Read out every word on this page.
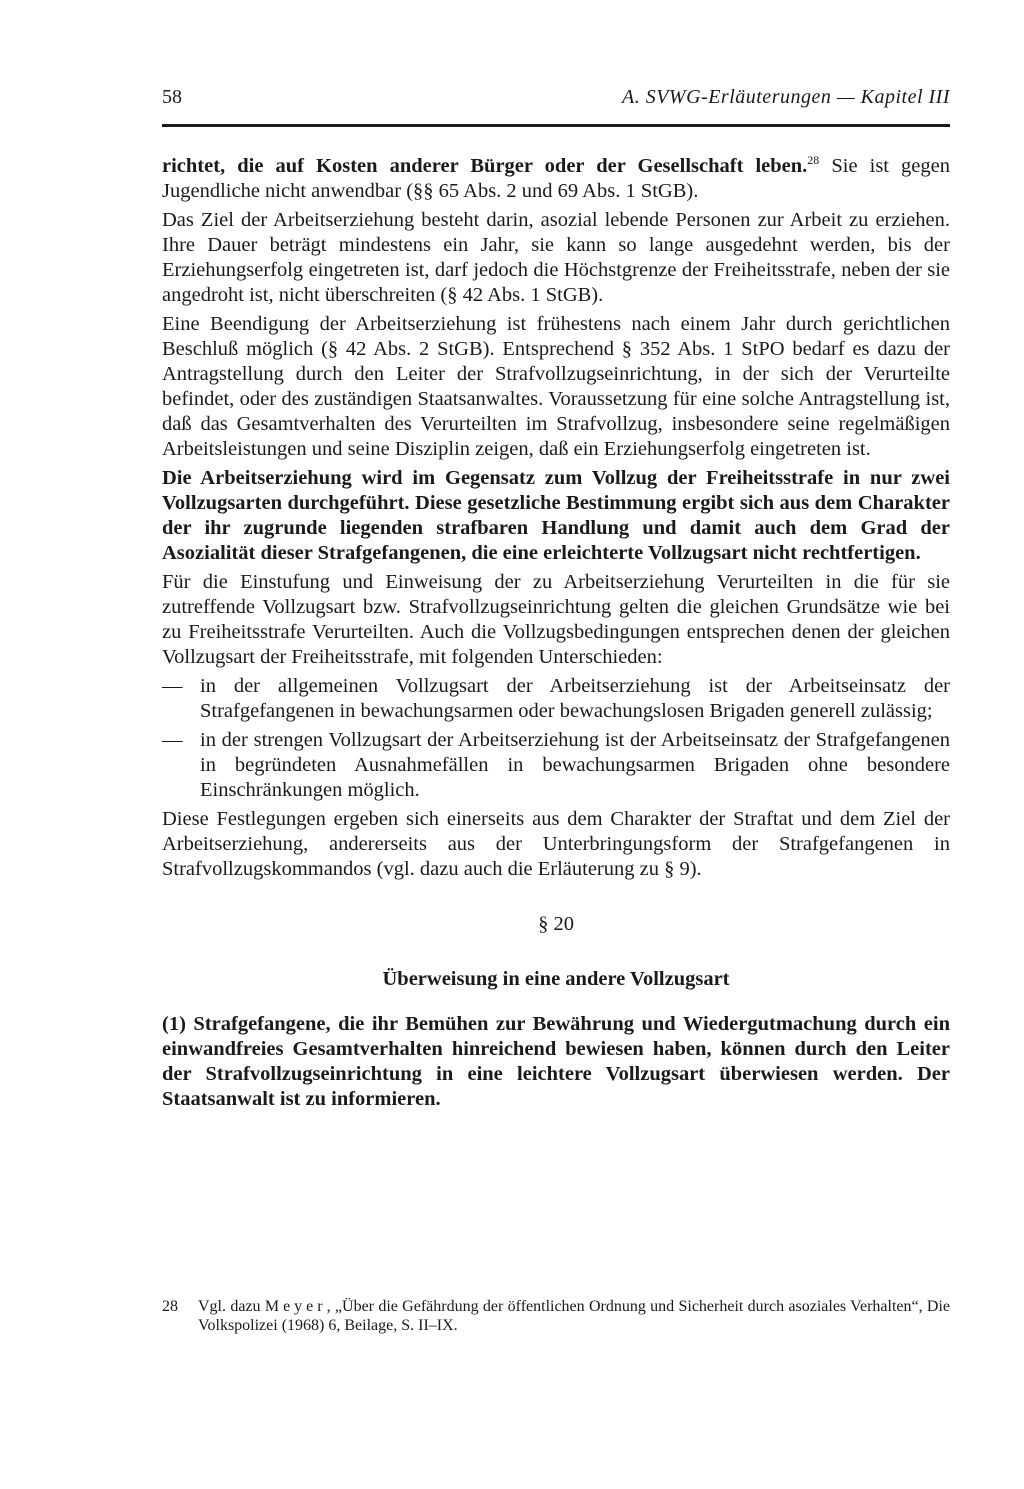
58	A. SVWG-Erläuterungen — Kapitel III

richtet, die auf Kosten anderer Bürger oder der Gesellschaft leben.$^{28}$ Sie ist gegen Jugendliche nicht anwendbar (§§ 65 Abs. 2 und 69 Abs. 1 StGB).

Das Ziel der Arbeitserziehung besteht darin, asozial lebende Personen zur Arbeit zu erziehen. Ihre Dauer beträgt mindestens ein Jahr, sie kann so lange ausgedehnt werden, bis der Erziehungserfolg eingetreten ist, darf jedoch die Höchstgrenze der Freiheitsstrafe, neben der sie angedroht ist, nicht überschreiten (§ 42 Abs. 1 StGB).

Eine Beendigung der Arbeitserziehung ist frühestens nach einem Jahr durch gerichtlichen Beschluß möglich (§ 42 Abs. 2 StGB). Entsprechend § 352 Abs. 1 StPO bedarf es dazu der Antragstellung durch den Leiter der Strafvollzugseinrichtung, in der sich der Verurteilte befindet, oder des zuständigen Staatsanwaltes. Voraussetzung für eine solche Antragstellung ist, daß das Gesamtverhalten des Verurteilten im Strafvollzug, insbesondere seine regelmäßigen Arbeitsleistungen und seine Disziplin zeigen, daß ein Erziehungserfolg eingetreten ist.

Die Arbeitserziehung wird im Gegensatz zum Vollzug der Freiheitsstrafe in nur zwei Vollzugsarten durchgeführt. Diese gesetzliche Bestimmung ergibt sich aus dem Charakter der ihr zugrunde liegenden strafbaren Handlung und damit auch dem Grad der Asozialität dieser Strafgefangenen, die eine erleichterte Vollzugsart nicht rechtfertigen.

Für die Einstufung und Einweisung der zu Arbeitserziehung Verurteilten in die für sie zutreffende Vollzugsart bzw. Strafvollzugseinrichtung gelten die gleichen Grundsätze wie bei zu Freiheitsstrafe Verurteilten. Auch die Vollzugsbedingungen entsprechen denen der gleichen Vollzugsart der Freiheitsstrafe, mit folgenden Unterschieden:

— in der allgemeinen Vollzugsart der Arbeitserziehung ist der Arbeitseinsatz der Strafgefangenen in bewachungsarmen oder bewachungslosen Brigaden generell zulässig;
— in der strengen Vollzugsart der Arbeitserziehung ist der Arbeitseinsatz der Strafgefangenen in begründeten Ausnahmefällen in bewachungsarmen Brigaden ohne besondere Einschränkungen möglich.

Diese Festlegungen ergeben sich einerseits aus dem Charakter der Straftat und dem Ziel der Arbeitserziehung, andererseits aus der Unterbringungsform der Strafgefangenen in Strafvollzugskommandos (vgl. dazu auch die Erläuterung zu § 9).

§ 20
Überweisung in eine andere Vollzugsart

(1) Strafgefangene, die ihr Bemühen zur Bewährung und Wiedergutmachung durch ein einwandfreies Gesamtverhalten hinreichend bewiesen haben, können durch den Leiter der Strafvollzugseinrichtung in eine leichtere Vollzugsart überwiesen werden. Der Staatsanwalt ist zu informieren.

28	Vgl. dazu Meyer, „Über die Gefährdung der öffentlichen Ordnung und Sicherheit durch asoziales Verhalten“, Die Volkspolizei (1968) 6, Beilage, S. II–IX.
